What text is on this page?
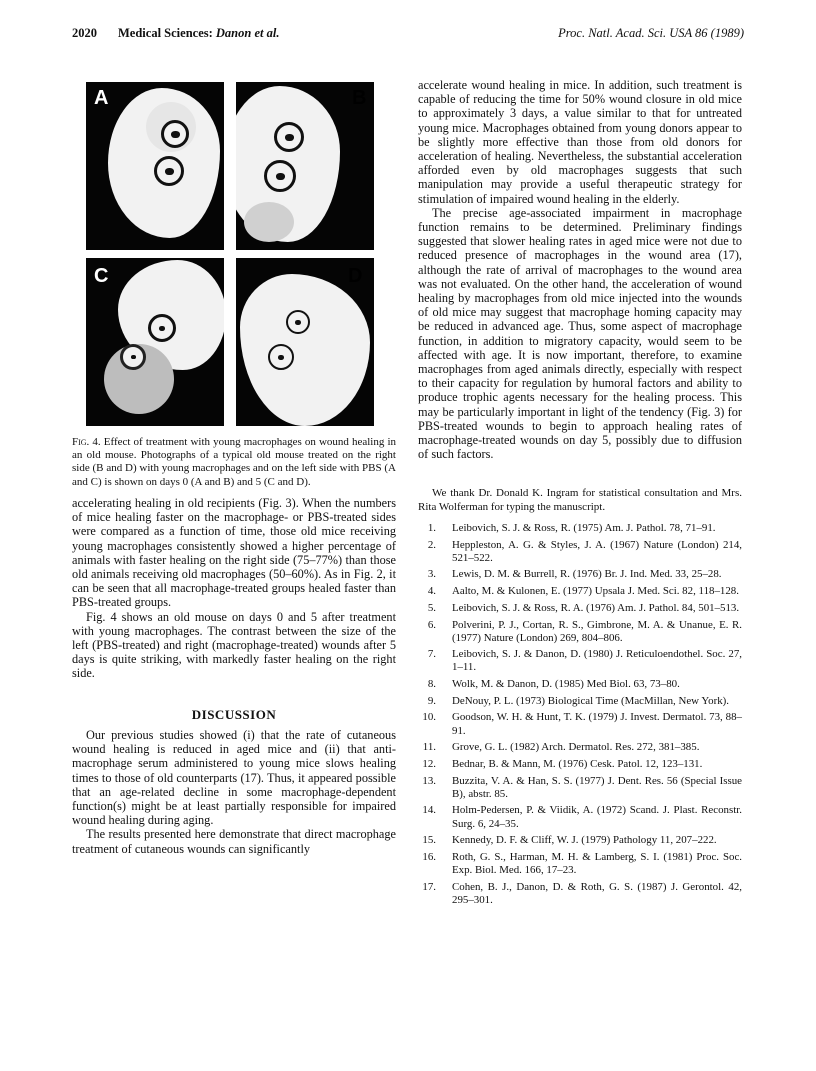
2020 Medical Sciences: Danon et al.	Proc. Natl. Acad. Sci. USA 86 (1989)
A	B
C	D
Fig. 4. Effect of treatment with young macrophages on wound healing in an old mouse. Photographs of a typical old mouse treated on the right side (B and D) with young macrophages and on the left side with PBS (A and C) is shown on days 0 (A and B) and 5 (C and D).

accelerating healing in old recipients (Fig. 3). When the numbers of mice healing faster on the macrophage- or PBS-treated sides were compared as a function of time, those old mice receiving young macrophages consistently showed a higher percentage of animals with faster healing on the right side (75–77%) than those old animals receiving old macrophages (50–60%). As in Fig. 2, it can be seen that all macrophage-treated groups healed faster than PBS-treated groups.

Fig. 4 shows an old mouse on days 0 and 5 after treatment with young macrophages. The contrast between the size of the left (PBS-treated) and right (macrophage-treated) wounds after 5 days is quite striking, with markedly faster healing on the right side.

DISCUSSION

Our previous studies showed (i) that the rate of cutaneous wound healing is reduced in aged mice and (ii) that anti-macrophage serum administered to young mice slows healing times to those of old counterparts (17). Thus, it appeared possible that an age-related decline in some macrophage-dependent function(s) might be at least partially responsible for impaired wound healing during aging.

The results presented here demonstrate that direct macrophage treatment of cutaneous wounds can significantly

accelerate wound healing in mice. In addition, such treatment is capable of reducing the time for 50% wound closure in old mice to approximately 3 days, a value similar to that for untreated young mice. Macrophages obtained from young donors appear to be slightly more effective than those from old donors for acceleration of healing. Nevertheless, the substantial acceleration afforded even by old macrophages suggests that such manipulation may provide a useful therapeutic strategy for stimulation of impaired wound healing in the elderly.

The precise age-associated impairment in macrophage function remains to be determined. Preliminary findings suggested that slower healing rates in aged mice were not due to reduced presence of macrophages in the wound area (17), although the rate of arrival of macrophages to the wound area was not evaluated. On the other hand, the acceleration of wound healing by macrophages from old mice injected into the wounds of old mice may suggest that macrophage homing capacity may be reduced in advanced age. Thus, some aspect of macrophage function, in addition to migratory capacity, would seem to be affected with age. It is now important, therefore, to examine macrophages from aged animals directly, especially with respect to their capacity for regulation by humoral factors and ability to produce trophic agents necessary for the healing process. This may be particularly important in light of the tendency (Fig. 3) for PBS-treated wounds to begin to approach healing rates of macrophage-treated wounds on day 5, possibly due to diffusion of such factors.

We thank Dr. Donald K. Ingram for statistical consultation and Mrs. Rita Wolferman for typing the manuscript.

1. Leibovich, S. J. & Ross, R. (1975) Am. J. Pathol. 78, 71–91.
2. Heppleston, A. G. & Styles, J. A. (1967) Nature (London) 214, 521–522.
3. Lewis, D. M. & Burrell, R. (1976) Br. J. Ind. Med. 33, 25–28.
4. Aalto, M. & Kulonen, E. (1977) Upsala J. Med. Sci. 82, 118–128.
5. Leibovich, S. J. & Ross, R. A. (1976) Am. J. Pathol. 84, 501–513.
6. Polverini, P. J., Cortan, R. S., Gimbrone, M. A. & Unanue, E. R. (1977) Nature (London) 269, 804–806.
7. Leibovich, S. J. & Danon, D. (1980) J. Reticuloendothel. Soc. 27, 1–11.
8. Wolk, M. & Danon, D. (1985) Med Biol. 63, 73–80.
9. DeNouy, P. L. (1973) Biological Time (MacMillan, New York).
10. Goodson, W. H. & Hunt, T. K. (1979) J. Invest. Dermatol. 73, 88–91.
11. Grove, G. L. (1982) Arch. Dermatol. Res. 272, 381–385.
12. Bednar, B. & Mann, M. (1976) Cesk. Patol. 12, 123–131.
13. Buzzita, V. A. & Han, S. S. (1977) J. Dent. Res. 56 (Special Issue B), abstr. 85.
14. Holm-Pedersen, P. & Viidik, A. (1972) Scand. J. Plast. Reconstr. Surg. 6, 24–35.
15. Kennedy, D. F. & Cliff, W. J. (1979) Pathology 11, 207–222.
16. Roth, G. S., Harman, M. H. & Lamberg, S. I. (1981) Proc. Soc. Exp. Biol. Med. 166, 17–23.
17. Cohen, B. J., Danon, D. & Roth, G. S. (1987) J. Gerontol. 42, 295–301.
